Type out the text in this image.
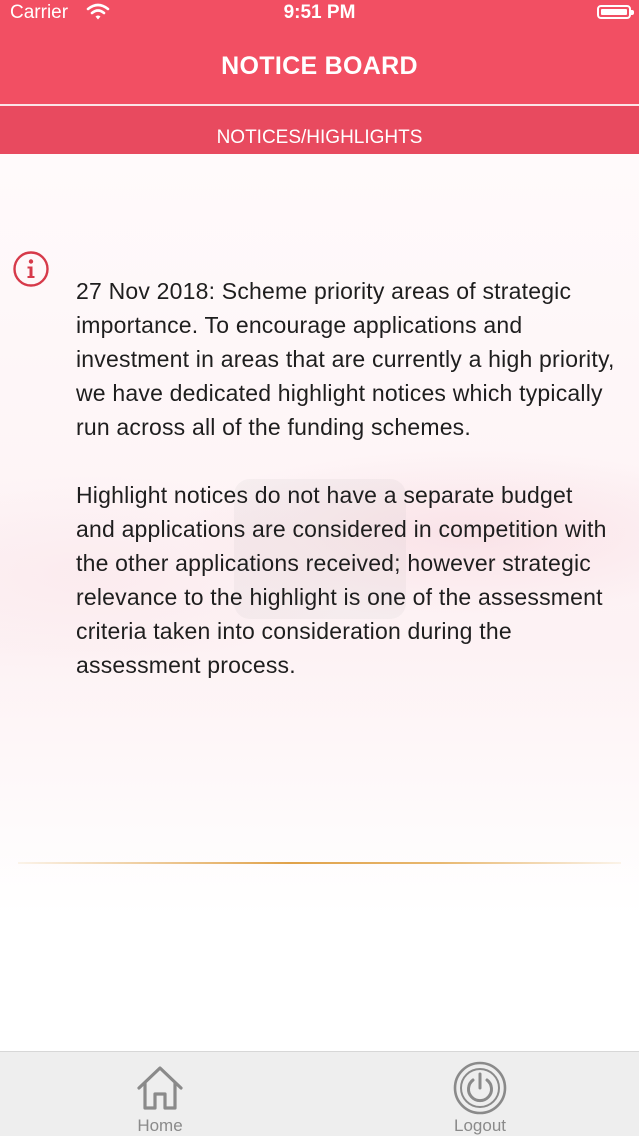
Carrier	9:51 PM
NOTICE BOARD
NOTICES/HIGHLIGHTS

27 Nov 2018: Scheme priority areas of strategic importance. To encourage applications and investment in areas that are currently a high priority, we have dedicated highlight notices which typically run across all of the funding schemes.

Highlight notices do not have a separate budget and applications are considered in competition with the other applications received; however strategic relevance to the highlight is one of the assessment criteria taken into consideration during the assessment process.

Home	Logout
